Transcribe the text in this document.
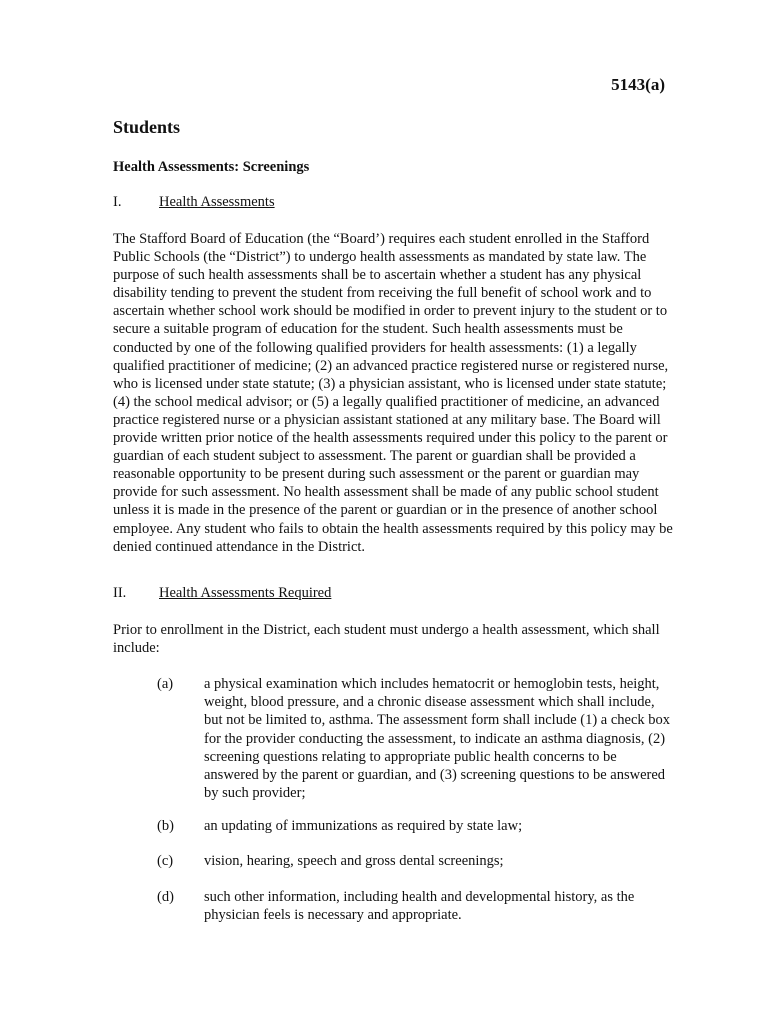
5143(a)
Students
Health Assessments: Screenings
I.	Health Assessments

The Stafford Board of Education (the “Board’) requires each student enrolled in the Stafford Public Schools (the “District”) to undergo health assessments as mandated by state law. The purpose of such health assessments shall be to ascertain whether a student has any physical disability tending to prevent the student from receiving the full benefit of school work and to ascertain whether school work should be modified in order to prevent injury to the student or to secure a suitable program of education for the student. Such health assessments must be conducted by one of the following qualified providers for health assessments: (1) a legally qualified practitioner of medicine; (2) an advanced practice registered nurse or registered nurse, who is licensed under state statute; (3) a physician assistant, who is licensed under state statute; (4) the school medical advisor; or (5) a legally qualified practitioner of medicine, an advanced practice registered nurse or a physician assistant stationed at any military base. The Board will provide written prior notice of the health assessments required under this policy to the parent or guardian of each student subject to assessment. The parent or guardian shall be provided a reasonable opportunity to be present during such assessment or the parent or guardian may provide for such assessment. No health assessment shall be made of any public school student unless it is made in the presence of the parent or guardian or in the presence of another school employee. Any student who fails to obtain the health assessments required by this policy may be denied continued attendance in the District.

II. Health Assessments Required

Prior to enrollment in the District, each student must undergo a health assessment, which shall include:

(a) a physical examination which includes hematocrit or hemoglobin tests, height, weight, blood pressure, and a chronic disease assessment which shall include, but not be limited to, asthma. The assessment form shall include (1) a check box for the provider conducting the assessment, to indicate an asthma diagnosis, (2) screening questions relating to appropriate public health concerns to be answered by the parent or guardian, and (3) screening questions to be answered by such provider;
(b) an updating of immunizations as required by state law;
(c) vision, hearing, speech and gross dental screenings;
(d) such other information, including health and developmental history, as the physician feels is necessary and appropriate.
